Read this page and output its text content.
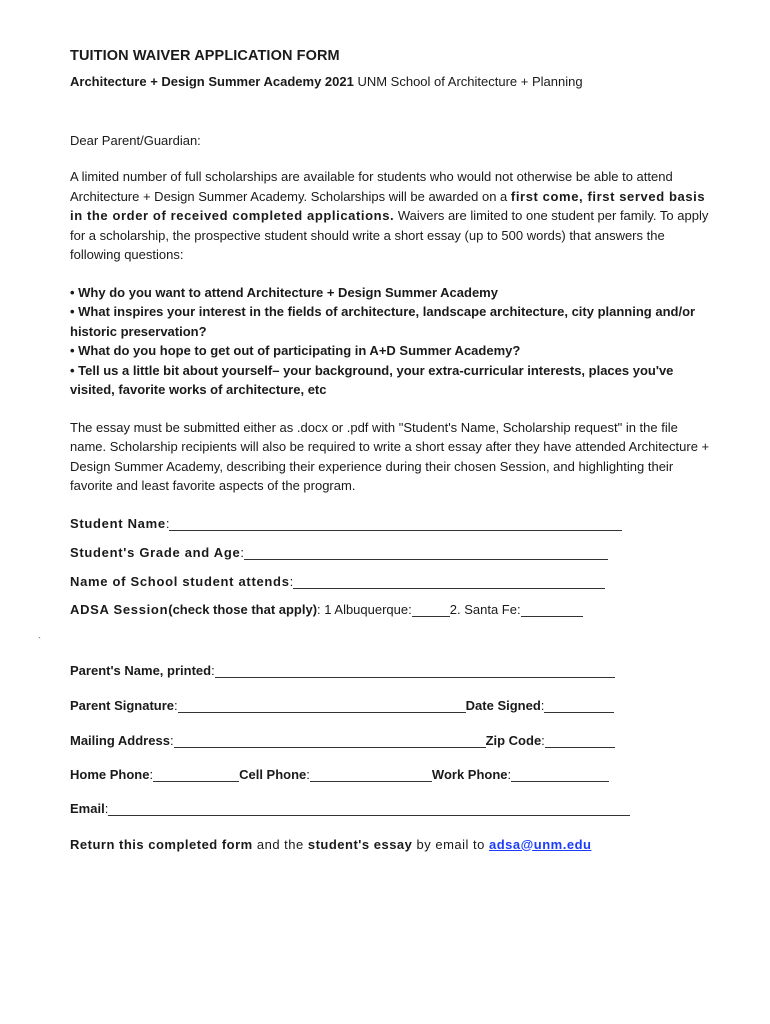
TUITION WAIVER APPLICATION FORM
Architecture + Design Summer Academy 2021 UNM School of Architecture + Planning
Dear Parent/Guardian:
A limited number of full scholarships are available for students who would not otherwise be able to attend Architecture + Design Summer Academy. Scholarships will be awarded on a first come, first served basis in the order of received completed applications. Waivers are limited to one student per family. To apply for a scholarship, the prospective student should write a short essay (up to 500 words) that answers the following questions:
• Why do you want to attend Architecture + Design Summer Academy
• What inspires your interest in the fields of architecture, landscape architecture, city planning and/or historic preservation?
• What do you hope to get out of participating in A+D Summer Academy?
• Tell us a little bit about yourself– your background, your extra-curricular interests, places you've visited, favorite works of architecture, etc
The essay must be submitted either as .docx or .pdf with "Student's Name, Scholarship request" in the file name. Scholarship recipients will also be required to write a short essay after they have attended Architecture + Design Summer Academy, describing their experience during their chosen Session, and highlighting their favorite and least favorite aspects of the program.
Student Name :
Student's Grade and Age :
Name of School student attends :
ADSA Session (check those that apply) : 1 Albuquerque:	2. Santa Fe:
Parent's Name, printed :
Parent Signature :	Date Signed :
Mailing Address :	Zip Code :
Home Phone :	Cell Phone :	Work Phone :
Email :
Return this completed form and the student's essay by email to adsa@unm.edu
`
